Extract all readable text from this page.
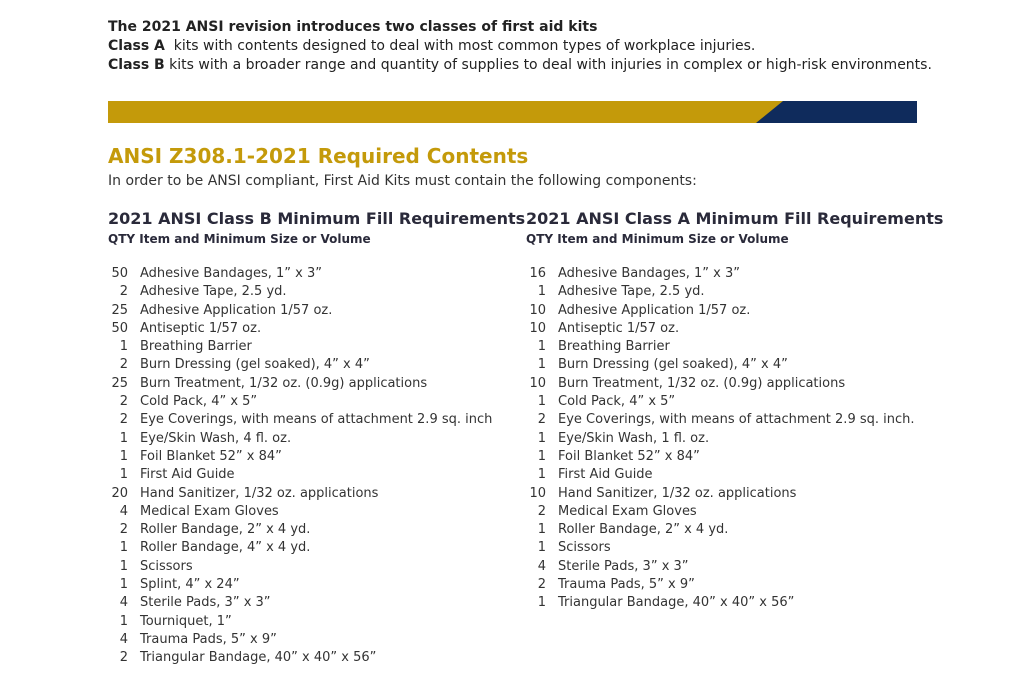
The 2021 ANSI revision introduces two classes of first aid kits
Class A  kits with contents designed to deal with most common types of workplace injuries.
Class B kits with a broader range and quantity of supplies to deal with injuries in complex or high-risk environments.
ANSI Z308.1-2021 Required Contents
In order to be ANSI compliant, First Aid Kits must contain the following components:
2021 ANSI Class B Minimum Fill Requirements
QTY Item and Minimum Size or Volume
50 Adhesive Bandages, 1” x 3”
2 Adhesive Tape, 2.5 yd.
25 Adhesive Application 1/57 oz.
50 Antiseptic 1/57 oz.
1 Breathing Barrier
2 Burn Dressing (gel soaked), 4” x 4”
25 Burn Treatment, 1/32 oz. (0.9g) applications
2 Cold Pack, 4” x 5”
2 Eye Coverings, with means of attachment 2.9 sq. inch
1 Eye/Skin Wash, 4 fl. oz.
1 Foil Blanket 52” x 84”
1 First Aid Guide
20 Hand Sanitizer, 1/32 oz. applications
4 Medical Exam Gloves
2 Roller Bandage, 2” x 4 yd.
1 Roller Bandage, 4” x 4 yd.
1 Scissors
1 Splint, 4” x 24”
4 Sterile Pads, 3” x 3”
1 Tourniquet, 1”
4 Trauma Pads, 5” x 9”
2 Triangular Bandage, 40” x 40” x 56”
2021 ANSI Class A Minimum Fill Requirements
QTY Item and Minimum Size or Volume
16 Adhesive Bandages, 1” x 3”
1 Adhesive Tape, 2.5 yd.
10 Adhesive Application 1/57 oz.
10 Antiseptic 1/57 oz.
1 Breathing Barrier
1 Burn Dressing (gel soaked), 4” x 4”
10 Burn Treatment, 1/32 oz. (0.9g) applications
1 Cold Pack, 4” x 5”
2 Eye Coverings, with means of attachment 2.9 sq. inch.
1 Eye/Skin Wash, 1 fl. oz.
1 Foil Blanket 52” x 84”
1 First Aid Guide
10 Hand Sanitizer, 1/32 oz. applications
2 Medical Exam Gloves
1 Roller Bandage, 2” x 4 yd.
1 Scissors
4 Sterile Pads, 3” x 3”
2 Trauma Pads, 5” x 9”
1 Triangular Bandage, 40” x 40” x 56”
